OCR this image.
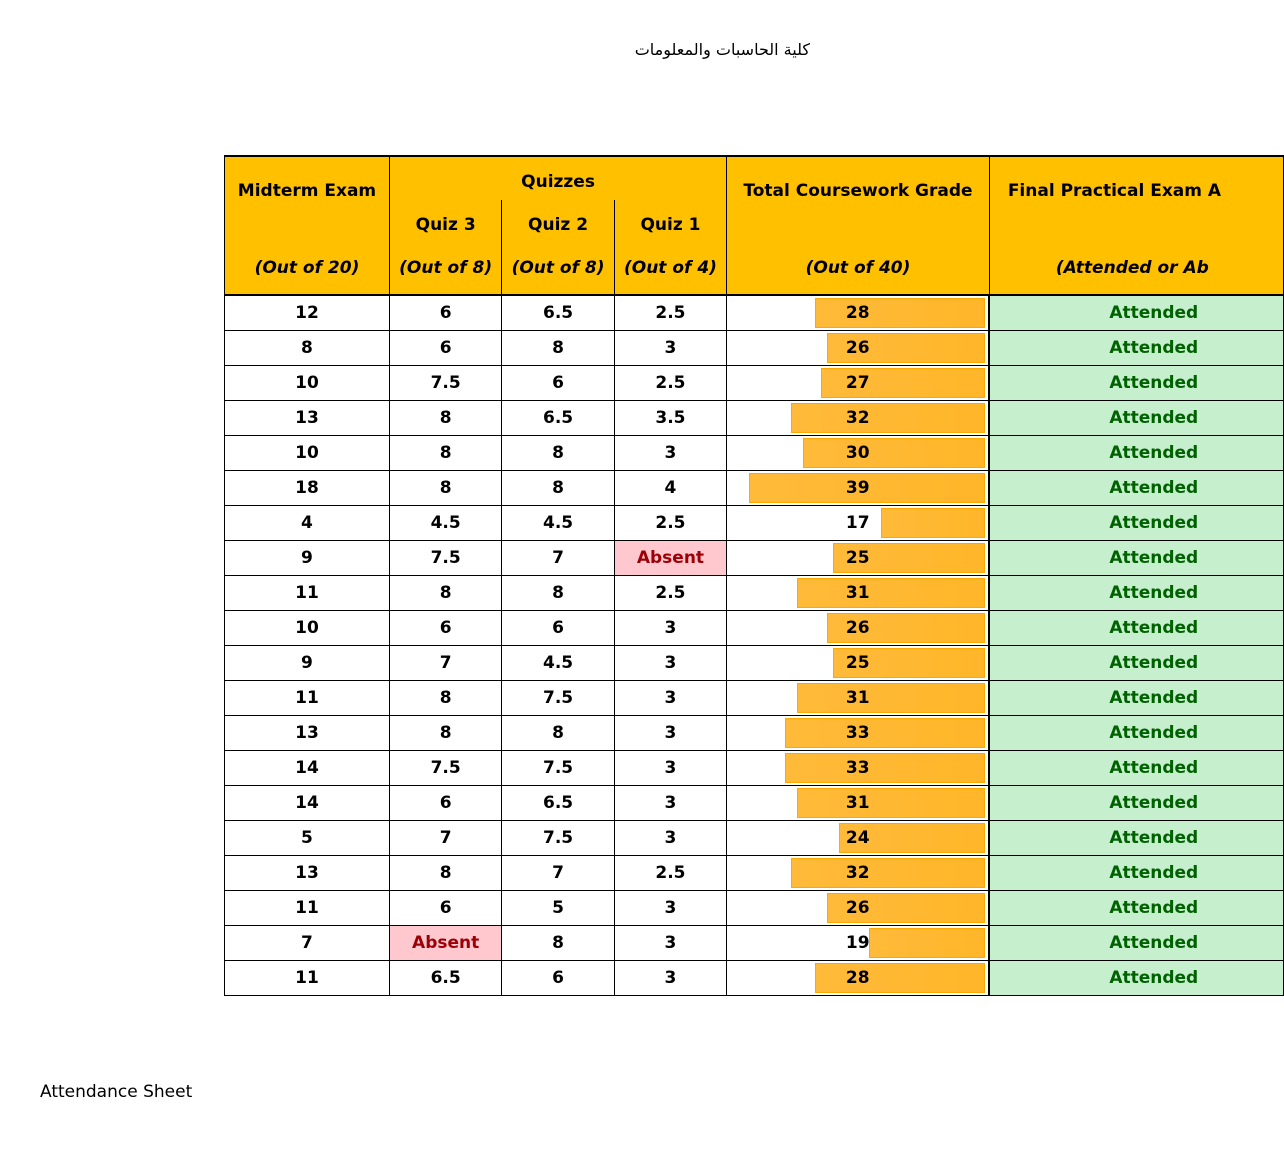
كلية الحاسبات والمعلومات
Midterm Exam	Quizzes			Total Coursework Grade	Final Practical Exam A
	Quiz 3	Quiz 2	Quiz 1		
(Out of 20)	(Out of 8)	(Out of 8)	(Out of 4)	(Out of 40)	(Attended or Ab
12	6	6.5	2.5	28	Attended
8	6	8	3	26	Attended
10	7.5	6	2.5	27	Attended
13	8	6.5	3.5	32	Attended
10	8	8	3	30	Attended
18	8	8	4	39	Attended
4	4.5	4.5	2.5	17	Attended
9	7.5	7	Absent	25	Attended
11	8	8	2.5	31	Attended
10	6	6	3	26	Attended
9	7	4.5	3	25	Attended
11	8	7.5	3	31	Attended
13	8	8	3	33	Attended
14	7.5	7.5	3	33	Attended
14	6	6.5	3	31	Attended
5	7	7.5	3	24	Attended
13	8	7	2.5	32	Attended
11	6	5	3	26	Attended
7	Absent	8	3	19	Attended
11	6.5	6	3	28	Attended
Attendance Sheet
